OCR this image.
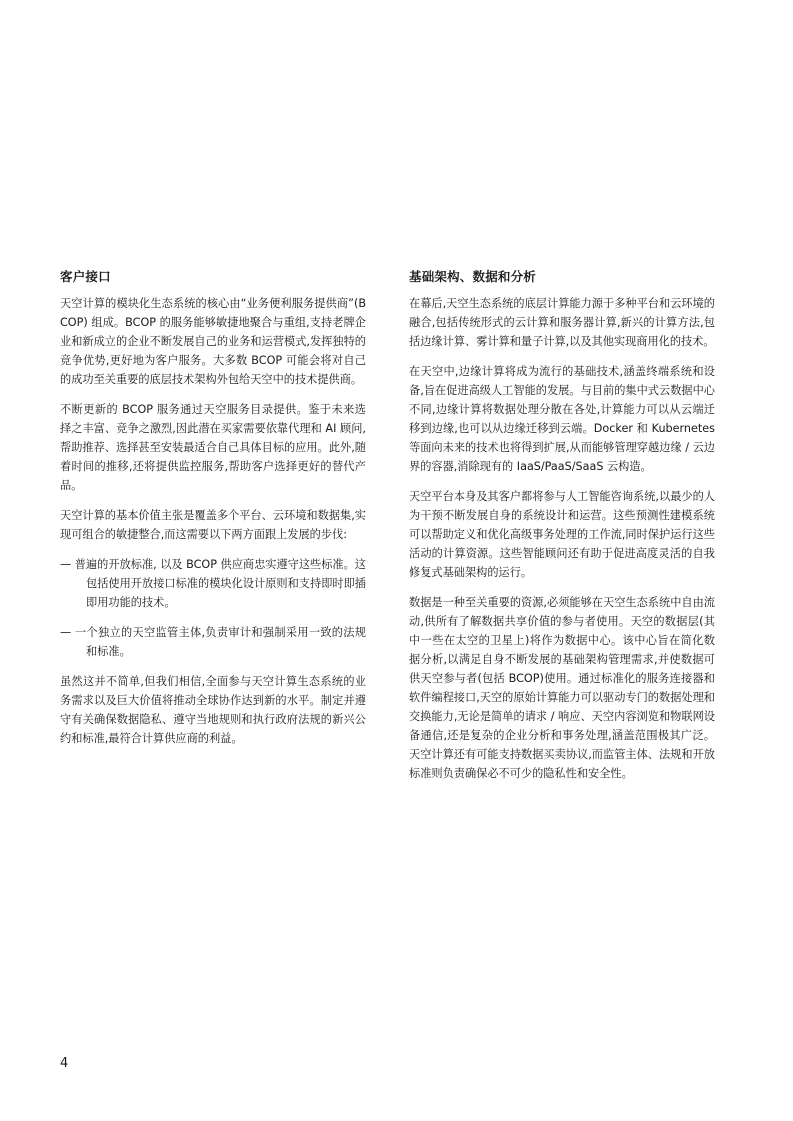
客户接口

天空计算的模块化生态系统的核心由“业务便利服务提供商”(BCOP) 组成。BCOP 的服务能够敏捷地聚合与重组,支持老牌企业和新成立的企业不断发展自己的业务和运营模式,发挥独特的竞争优势,更好地为客户服务。大多数 BCOP 可能会将对自己的成功至关重要的底层技术架构外包给天空中的技术提供商。

不断更新的 BCOP 服务通过天空服务目录提供。鉴于未来选择之丰富、竞争之激烈,因此潜在买家需要依靠代理和 AI 顾问,帮助推荐、选择甚至安装最适合自己具体目标的应用。此外,随着时间的推移,还将提供监控服务,帮助客户选择更好的替代产品。

天空计算的基本价值主张是覆盖多个平台、云环境和数据集,实现可组合的敏捷整合,而这需要以下两方面跟上发展的步伐:

— 普遍的开放标准, 以及 BCOP 供应商忠实遵守这些标准。这包括使用开放接口标准的模块化设计原则和支持即时即插即用功能的技术。

— 一个独立的天空监管主体,负责审计和强制采用一致的法规和标准。

虽然这并不简单,但我们相信,全面参与天空计算生态系统的业务需求以及巨大价值将推动全球协作达到新的水平。制定并遵守有关确保数据隐私、遵守当地规则和执行政府法规的新兴公约和标准,最符合计算供应商的利益。

基础架构、数据和分析

在幕后,天空生态系统的底层计算能力源于多种平台和云环境的融合,包括传统形式的云计算和服务器计算,新兴的计算方法,包括边缘计算、雾计算和量子计算,以及其他实现商用化的技术。

在天空中,边缘计算将成为流行的基础技术,涵盖终端系统和设备,旨在促进高级人工智能的发展。与目前的集中式云数据中心不同,边缘计算将数据处理分散在各处,计算能力可以从云端迁移到边缘,也可以从边缘迁移到云端。Docker 和 Kubernetes 等面向未来的技术也将得到扩展,从而能够管理穿越边缘 / 云边界的容器,消除现有的 IaaS/PaaS/SaaS 云构造。

天空平台本身及其客户都将参与人工智能咨询系统,以最少的人为干预不断发展自身的系统设计和运营。这些预测性建模系统可以帮助定义和优化高级事务处理的工作流,同时保护运行这些活动的计算资源。这些智能顾问还有助于促进高度灵活的自我修复式基础架构的运行。

数据是一种至关重要的资源,必须能够在天空生态系统中自由流动,供所有了解数据共享价值的参与者使用。天空的数据层(其中一些在太空的卫星上)将作为数据中心。该中心旨在简化数据分析,以满足自身不断发展的基础架构管理需求,并使数据可供天空参与者(包括 BCOP)使用。通过标准化的服务连接器和软件编程接口,天空的原始计算能力可以驱动专门的数据处理和交换能力,无论是简单的请求 / 响应、天空内容浏览和物联网设备通信,还是复杂的企业分析和事务处理,涵盖范围极其广泛。天空计算还有可能支持数据买卖协议,而监管主体、法规和开放标准则负责确保必不可少的隐私性和安全性。

4
